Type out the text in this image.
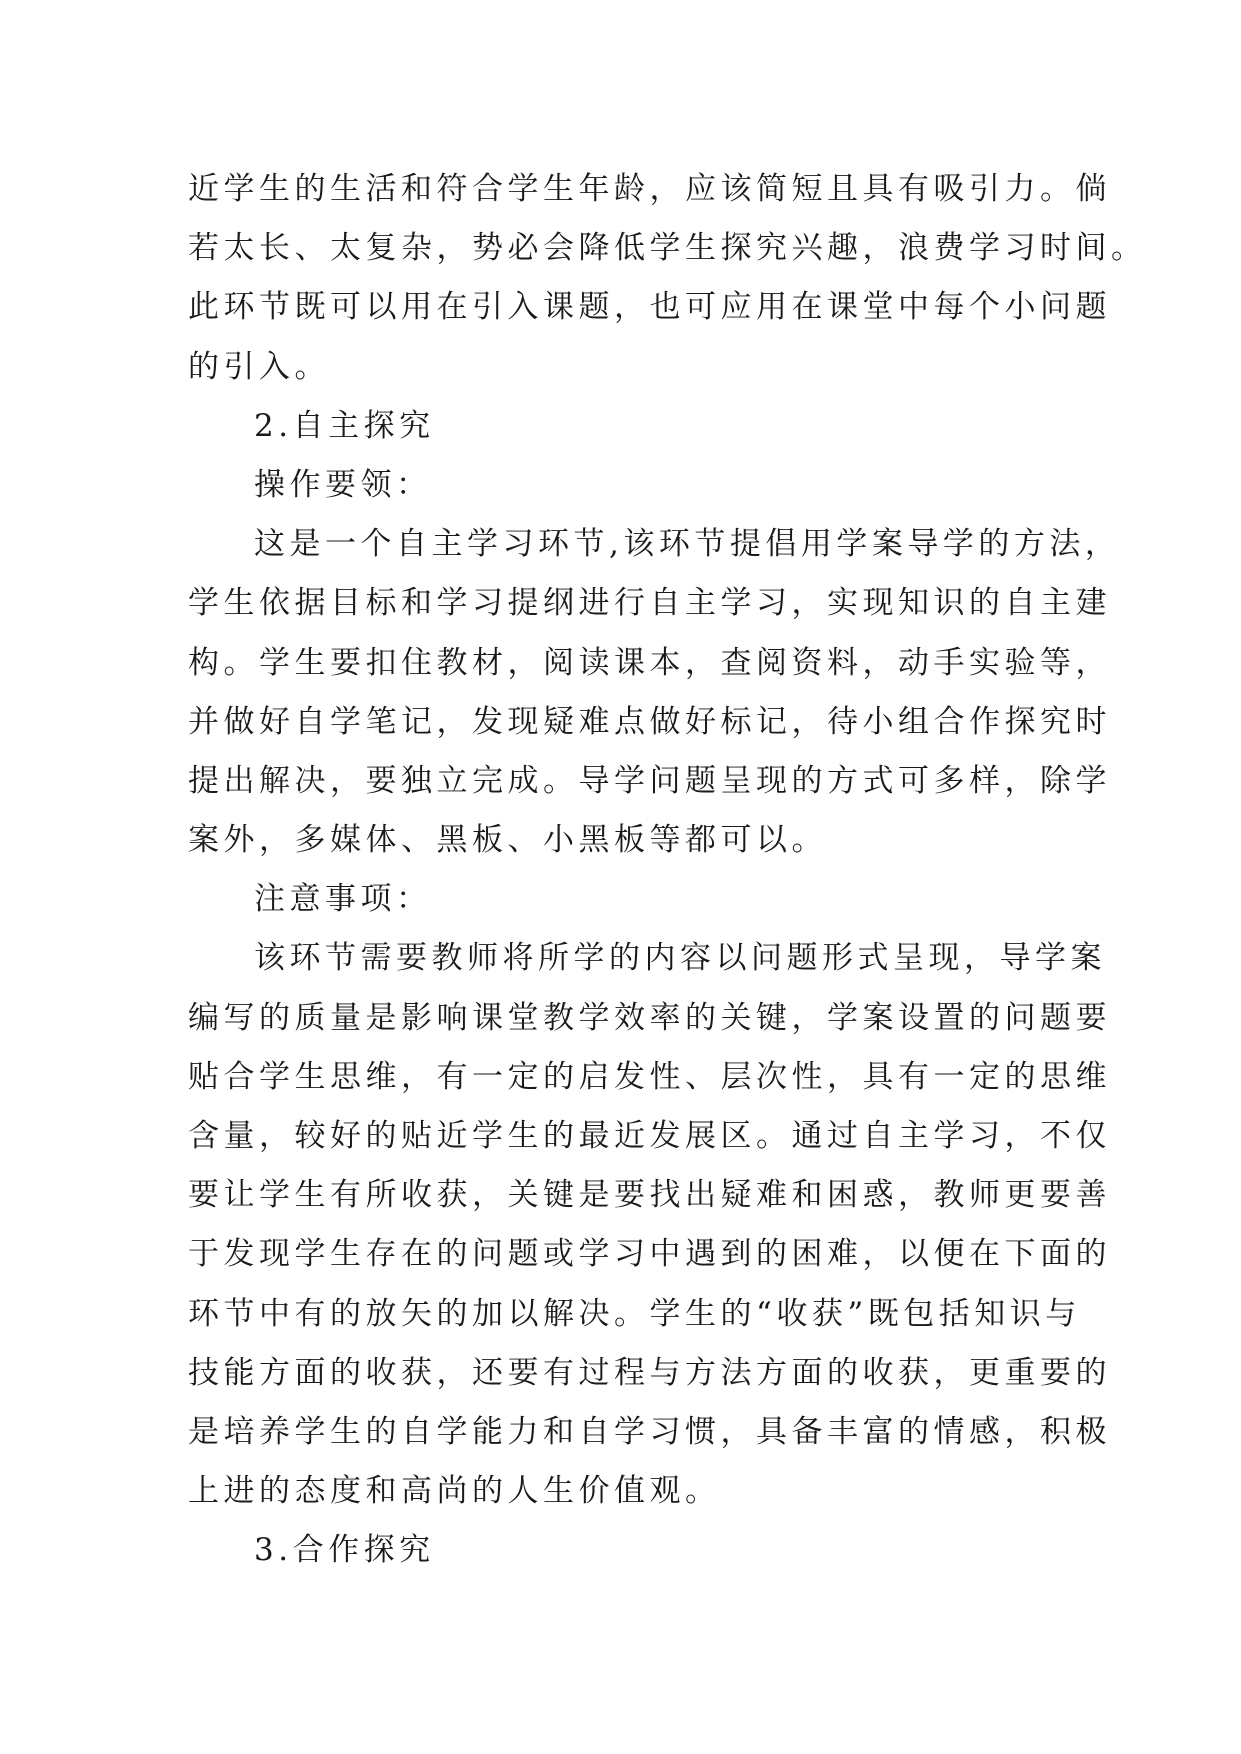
近学生的生活和符合学生年龄，应该简短且具有吸引力。倘
若太长、太复杂，势必会降低学生探究兴趣，浪费学习时间。
此环节既可以用在引入课题，也可应用在课堂中每个小问题
的引入。
2.自主探究
操作要领：
这是一个自主学习环节,该环节提倡用学案导学的方法，
学生依据目标和学习提纲进行自主学习，实现知识的自主建
构。学生要扣住教材，阅读课本，查阅资料，动手实验等，
并做好自学笔记，发现疑难点做好标记，待小组合作探究时
提出解决，要独立完成。导学问题呈现的方式可多样，除学
案外，多媒体、黑板、小黑板等都可以。
注意事项：
该环节需要教师将所学的内容以问题形式呈现，导学案
编写的质量是影响课堂教学效率的关键，学案设置的问题要
贴合学生思维，有一定的启发性、层次性，具有一定的思维
含量，较好的贴近学生的最近发展区。通过自主学习，不仅
要让学生有所收获，关键是要找出疑难和困惑，教师更要善
于发现学生存在的问题或学习中遇到的困难，以便在下面的
环节中有的放矢的加以解决。学生的“收获”既包括知识与
技能方面的收获，还要有过程与方法方面的收获，更重要的
是培养学生的自学能力和自学习惯，具备丰富的情感，积极
上进的态度和高尚的人生价值观。
3.合作探究
